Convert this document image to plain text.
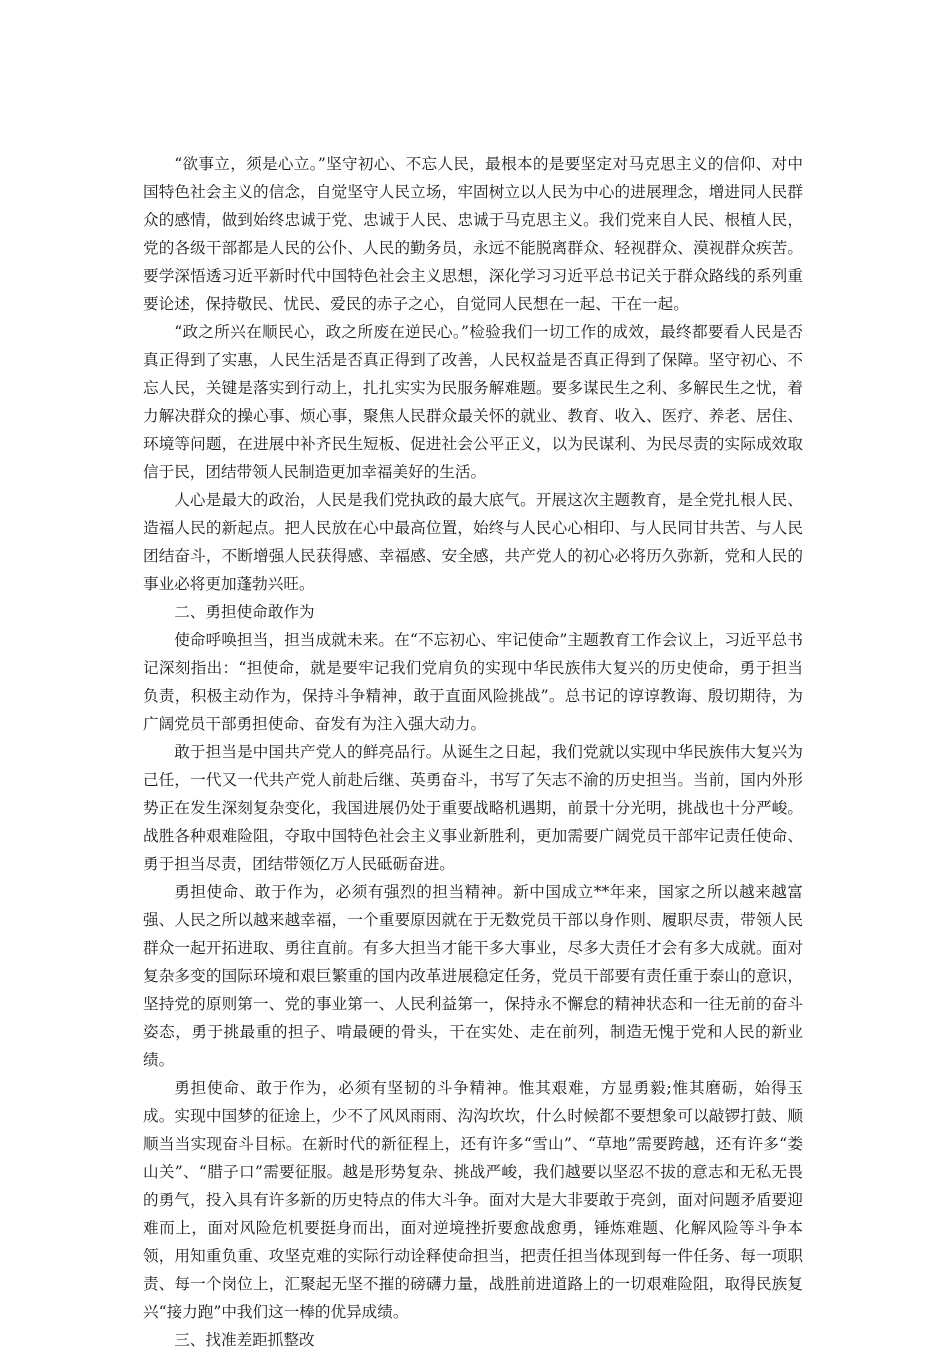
“欲事立，须是心立。”坚守初心、不忘人民，最根本的是要坚定对马克思主义的信仰、对中国特色社会主义的信念，自觉坚守人民立场，牢固树立以人民为中心的进展理念，增进同人民群众的感情，做到始终忠诚于党、忠诚于人民、忠诚于马克思主义。我们党来自人民、根植人民，党的各级干部都是人民的公仆、人民的勤务员，永远不能脱离群众、轻视群众、漠视群众疾苦。要学深悟透习近平新时代中国特色社会主义思想，深化学习习近平总书记关于群众路线的系列重要论述，保持敬民、忧民、爱民的赤子之心，自觉同人民想在一起、干在一起。

“政之所兴在顺民心，政之所废在逆民心。”检验我们一切工作的成效，最终都要看人民是否真正得到了实惠，人民生活是否真正得到了改善，人民权益是否真正得到了保障。坚守初心、不忘人民，关键是落实到行动上，扎扎实实为民服务解难题。要多谋民生之利、多解民生之忧，着力解决群众的操心事、烦心事，聚焦人民群众最关怀的就业、教育、收入、医疗、养老、居住、环境等问题，在进展中补齐民生短板、促进社会公平正义，以为民谋利、为民尽责的实际成效取信于民，团结带领人民制造更加幸福美好的生活。

人心是最大的政治，人民是我们党执政的最大底气。开展这次主题教育，是全党扎根人民、造福人民的新起点。把人民放在心中最高位置，始终与人民心心相印、与人民同甘共苦、与人民团结奋斗，不断增强人民获得感、幸福感、安全感，共产党人的初心必将历久弥新，党和人民的事业必将更加蓬勃兴旺。

二、勇担使命敢作为

使命呼唤担当，担当成就未来。在“不忘初心、牢记使命”主题教育工作会议上，习近平总书记深刻指出：“担使命，就是要牢记我们党肩负的实现中华民族伟大复兴的历史使命，勇于担当负责，积极主动作为，保持斗争精神，敢于直面风险挑战”。总书记的谆谆教诲、殷切期待，为广阔党员干部勇担使命、奋发有为注入强大动力。

敢于担当是中国共产党人的鲜亮品行。从诞生之日起，我们党就以实现中华民族伟大复兴为己任，一代又一代共产党人前赴后继、英勇奋斗，书写了矢志不渝的历史担当。当前，国内外形势正在发生深刻复杂变化，我国进展仍处于重要战略机遇期，前景十分光明，挑战也十分严峻。战胜各种艰难险阻，夺取中国特色社会主义事业新胜利，更加需要广阔党员干部牢记责任使命、勇于担当尽责，团结带领亿万人民砥砺奋进。

勇担使命、敢于作为，必须有强烈的担当精神。新中国成立**年来，国家之所以越来越富强、人民之所以越来越幸福，一个重要原因就在于无数党员干部以身作则、履职尽责，带领人民群众一起开拓进取、勇往直前。有多大担当才能干多大事业，尽多大责任才会有多大成就。面对复杂多变的国际环境和艰巨繁重的国内改革进展稳定任务，党员干部要有责任重于泰山的意识，坚持党的原则第一、党的事业第一、人民利益第一，保持永不懈怠的精神状态和一往无前的奋斗姿态，勇于挑最重的担子、啃最硬的骨头，干在实处、走在前列，制造无愧于党和人民的新业绩。

勇担使命、敢于作为，必须有坚韧的斗争精神。惟其艰难，方显勇毅;惟其磨砺，始得玉成。实现中国梦的征途上，少不了风风雨雨、沟沟坎坎，什么时候都不要想象可以敲锣打鼓、顺顺当当实现奋斗目标。在新时代的新征程上，还有许多“雪山”、“草地”需要跨越，还有许多“娄山关”、“腊子口”需要征服。越是形势复杂、挑战严峻，我们越要以坚忍不拔的意志和无私无畏的勇气，投入具有许多新的历史特点的伟大斗争。面对大是大非要敢于亮剑，面对问题矛盾要迎难而上，面对风险危机要挺身而出，面对逆境挫折要愈战愈勇，锤炼难题、化解风险等斗争本领，用知重负重、攻坚克难的实际行动诠释使命担当，把责任担当体现到每一件任务、每一项职责、每一个岗位上，汇聚起无坚不摧的磅礴力量，战胜前进道路上的一切艰难险阻，取得民族复兴“接力跑”中我们这一棒的优异成绩。

三、找准差距抓整改
